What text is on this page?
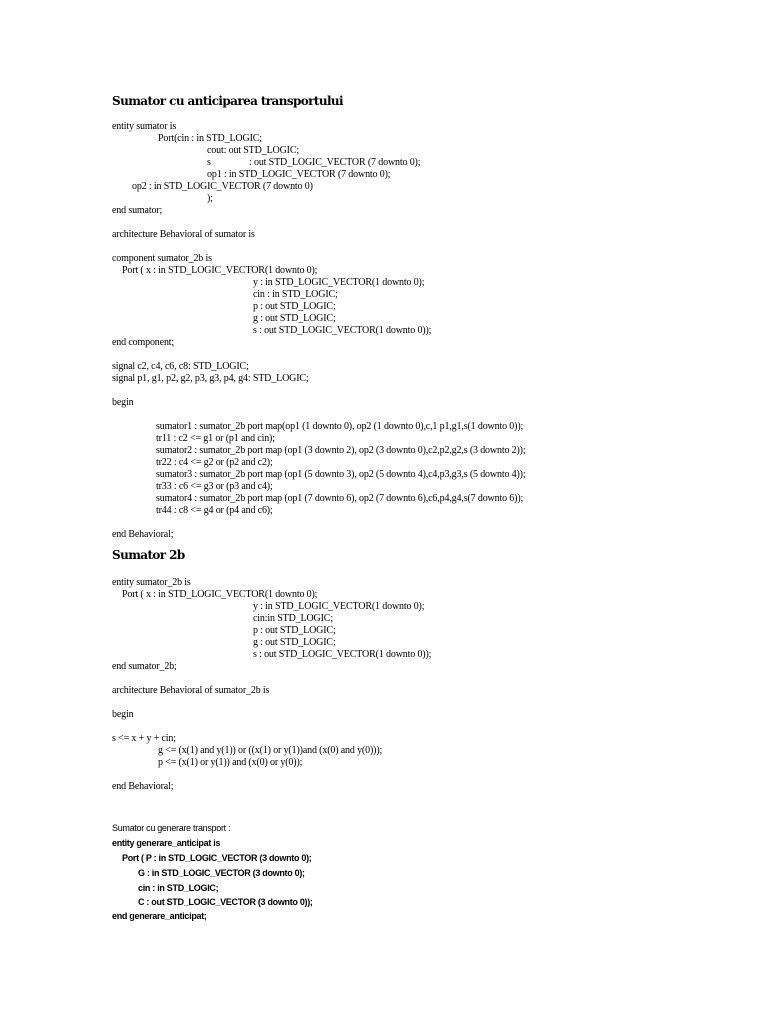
Sumator cu anticiparea transportului
entity sumator is
Port(cin : in STD_LOGIC;
cout: out STD_LOGIC;
s	: out STD_LOGIC_VECTOR (7 downto 0);
op1 : in STD_LOGIC_VECTOR (7 downto 0);
op2 : in STD_LOGIC_VECTOR (7 downto 0)
);
end sumator;
architecture Behavioral of sumator is
component sumator_2b is
Port ( x : in STD_LOGIC_VECTOR(1 downto 0);
y : in STD_LOGIC_VECTOR(1 downto 0);
cin : in STD_LOGIC;
p : out STD_LOGIC;
g : out STD_LOGIC;
s : out STD_LOGIC_VECTOR(1 downto 0));
end component;
signal c2, c4, c6, c8: STD_LOGIC;
signal p1, g1, p2, g2, p3, g3, p4, g4: STD_LOGIC;
begin
sumator1 : sumator_2b port map(op1 (1 downto 0), op2 (1 downto 0),c,1 p1,g1,s(1 downto 0));
tr11 : c2 <= g1 or (p1 and cin);
sumator2 : sumator_2b port map (op1 (3 downto 2), op2 (3 downto 0),c2,p2,g2,s (3 downto 2));
tr22 : c4 <= g2 or (p2 and c2);
sumator3 : sumator_2b port map (op1 (5 downto 3), op2 (5 downto 4),c4,p3,g3,s (5 downto 4));
tr33 : c6 <= g3 or (p3 and c4);
sumator4 : sumator_2b port map (op1 (7 downto 6), op2 (7 downto 6),c6,p4,g4,s(7 downto 6));
tr44 : c8 <= g4 or (p4 and c6);
end Behavioral;
Sumator 2b
entity sumator_2b is
Port ( x : in STD_LOGIC_VECTOR(1 downto 0);
y : in STD_LOGIC_VECTOR(1 downto 0);
cin:in STD_LOGIC;
p : out STD_LOGIC;
g : out STD_LOGIC;
s : out STD_LOGIC_VECTOR(1 downto 0));
end sumator_2b;
architecture Behavioral of sumator_2b is
begin
s <= x + y + cin;
g <= (x(1) and y(1)) or ((x(1) or y(1))and (x(0) and y(0)));
p <= (x(1) or y(1)) and (x(0) or y(0));
end Behavioral;
Sumator cu generare transport :
entity generare_anticipat is
Port ( P : in STD_LOGIC_VECTOR (3 downto 0);
G : in STD_LOGIC_VECTOR (3 downto 0);
cin : in STD_LOGIC;
C : out STD_LOGIC_VECTOR (3 downto 0));
end generare_anticipat;
